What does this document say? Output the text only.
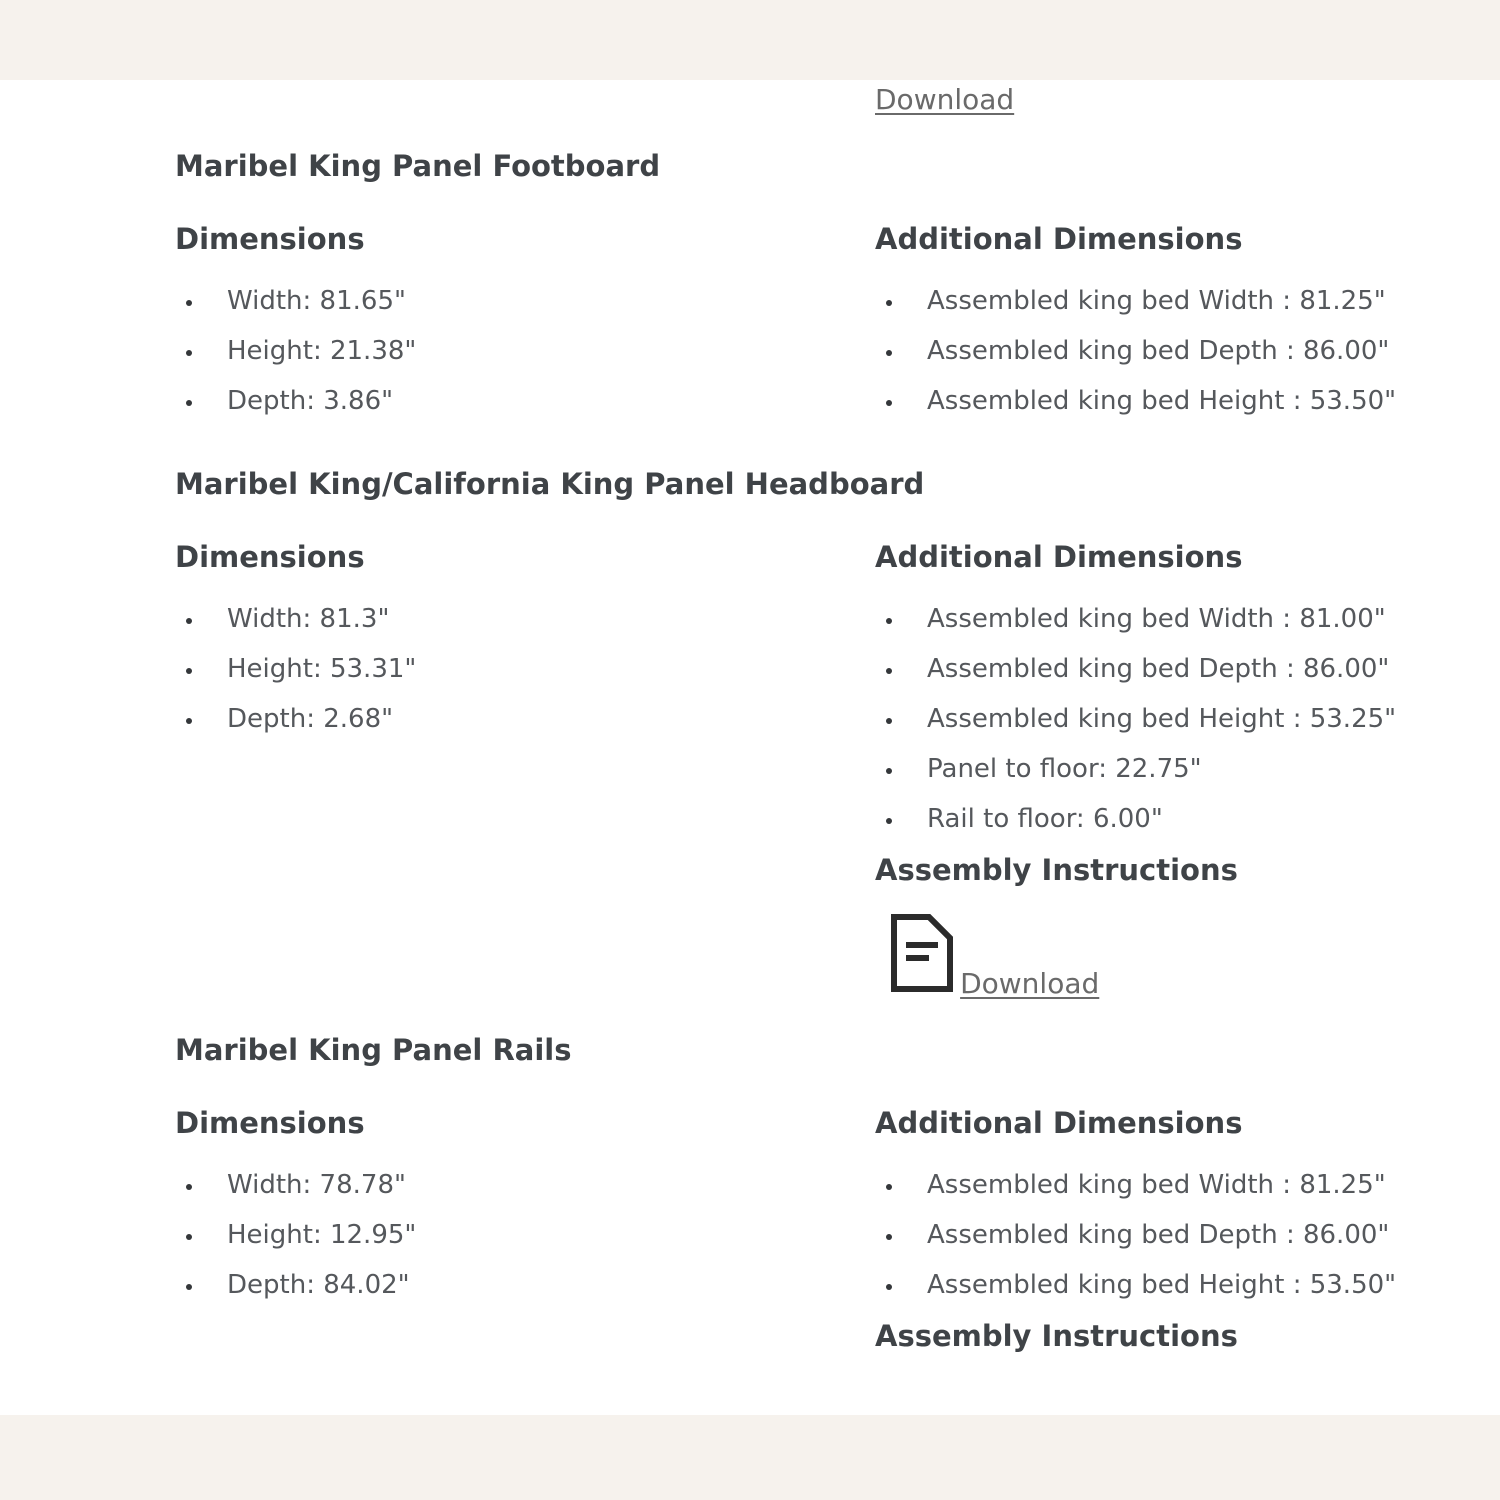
Download
Maribel King Panel Footboard
Dimensions
• Width: 81.65"
• Height: 21.38"
• Depth: 3.86"
Additional Dimensions
• Assembled king bed Width : 81.25"
• Assembled king bed Depth : 86.00"
• Assembled king bed Height : 53.50"
Maribel King/California King Panel Headboard
Dimensions
• Width: 81.3"
• Height: 53.31"
• Depth: 2.68"
Additional Dimensions
• Assembled king bed Width : 81.00"
• Assembled king bed Depth : 86.00"
• Assembled king bed Height : 53.25"
• Panel to floor: 22.75"
• Rail to floor: 6.00"
Assembly Instructions
Download
Maribel King Panel Rails
Dimensions
• Width: 78.78"
• Height: 12.95"
• Depth: 84.02"
Additional Dimensions
• Assembled king bed Width : 81.25"
• Assembled king bed Depth : 86.00"
• Assembled king bed Height : 53.50"
Assembly Instructions
